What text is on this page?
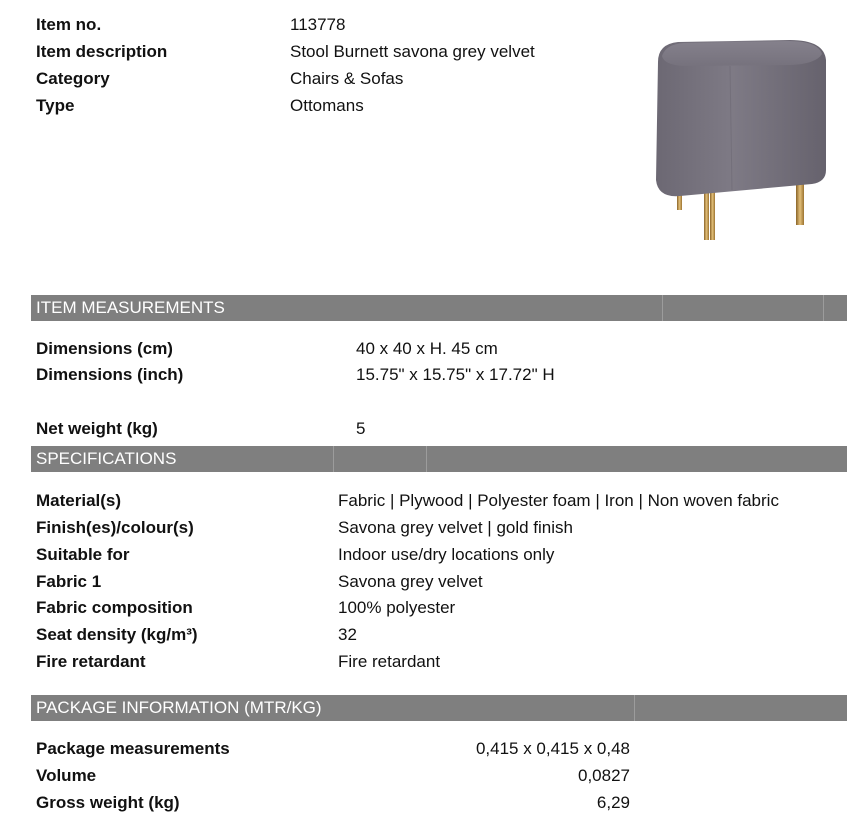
Item no.	113778
Item description	Stool Burnett savona grey velvet
Category	Chairs & Sofas
Type	Ottomans
ITEM MEASUREMENTS
Dimensions (cm)	40 x 40 x H. 45 cm
Dimensions (inch)	15.75" x 15.75" x 17.72" H
Net weight (kg)	5
SPECIFICATIONS
Material(s)	Fabric | Plywood | Polyester foam | Iron | Non woven fabric
Finish(es)/colour(s)	Savona grey velvet | gold finish
Suitable for	Indoor use/dry locations only
Fabric 1	Savona grey velvet
Fabric composition	100% polyester
Seat density (kg/m³)	32
Fire retardant	Fire retardant
PACKAGE INFORMATION (MTR/KG)
Package measurements	0,415 x 0,415 x 0,48
Volume	0,0827
Gross weight (kg)	6,29
